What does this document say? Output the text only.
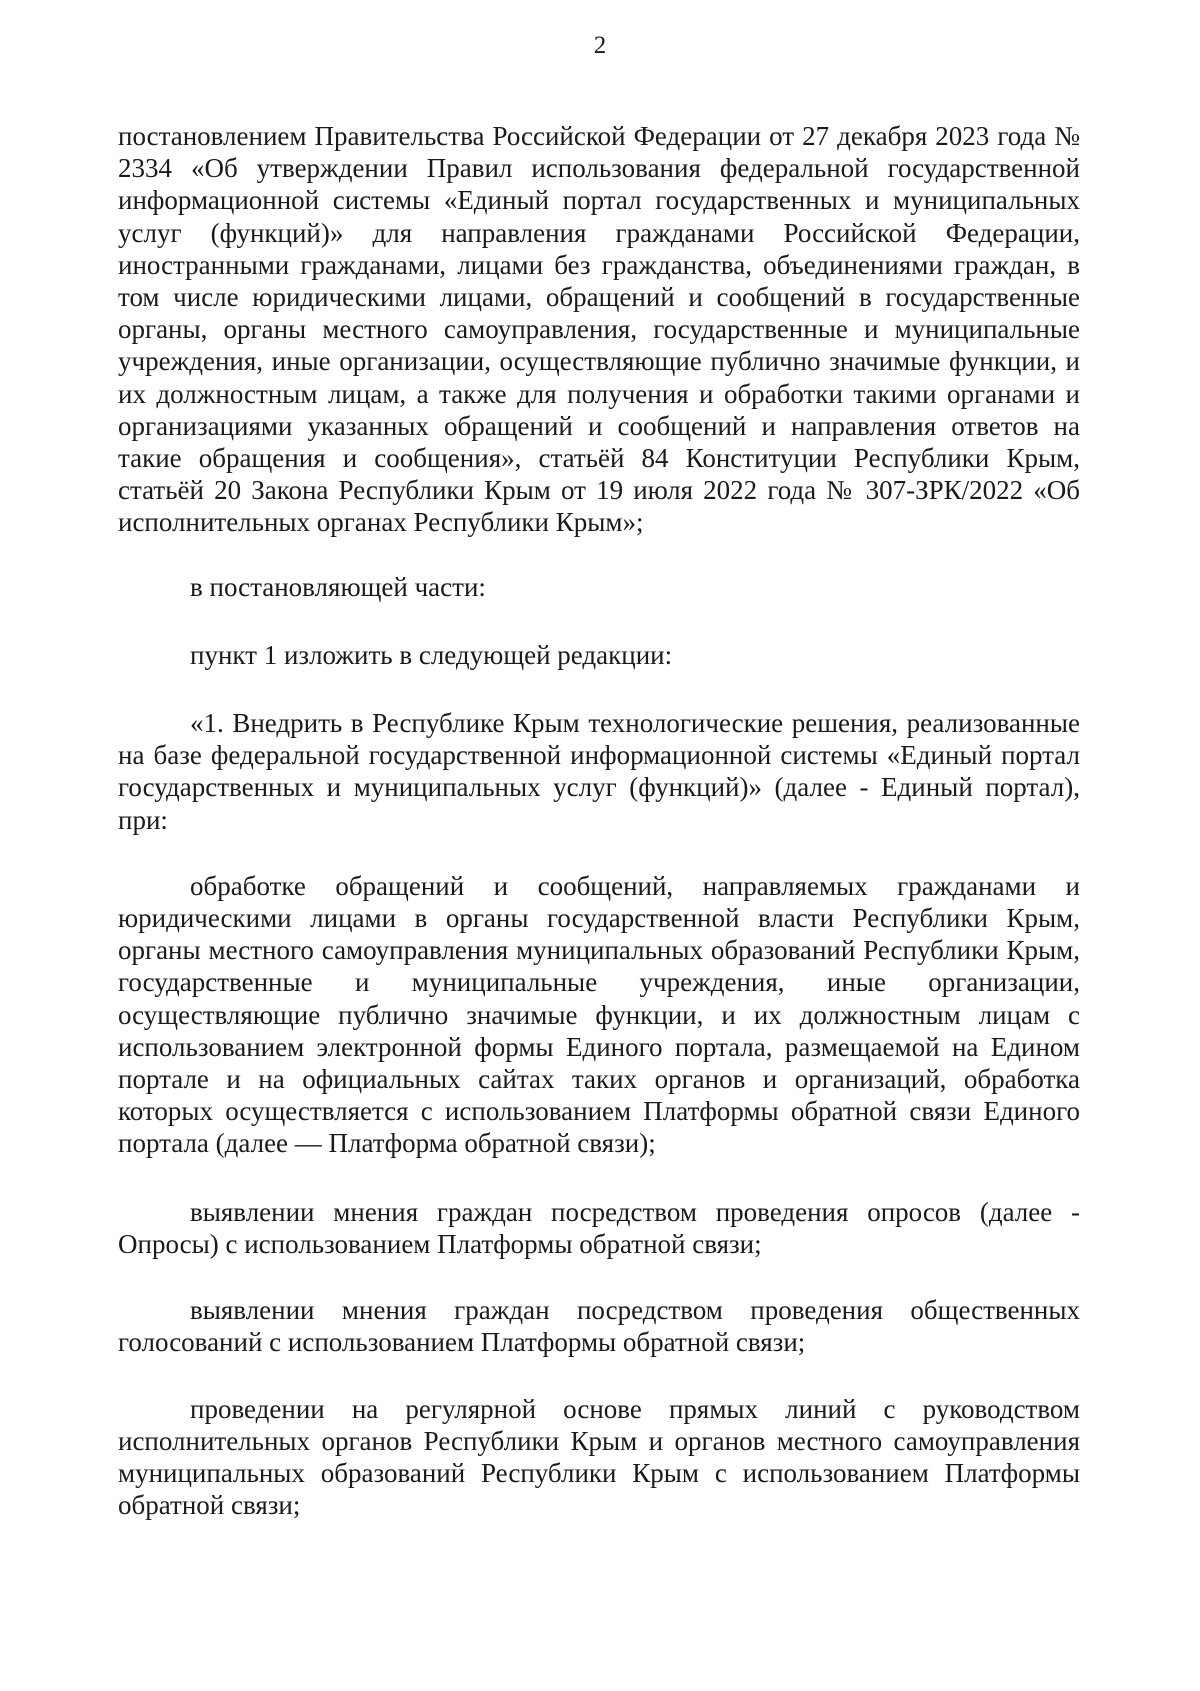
2

постановлением Правительства Российской Федерации от 27 декабря 2023 года № 2334 «Об утверждении Правил использования федеральной государственной информационной системы «Единый портал государственных и муниципальных услуг (функций)» для направления гражданами Российской Федерации, иностранными гражданами, лицами без гражданства, объединениями граждан, в том числе юридическими лицами, обращений и сообщений в государственные органы, органы местного самоуправления, государственные и муниципальные учреждения, иные организации, осуществляющие публично значимые функции, и их должностным лицам, а также для получения и обработки такими органами и организациями указанных обращений и сообщений и направления ответов на такие обращения и сообщения», статьёй 84 Конституции Республики Крым, статьёй 20 Закона Республики Крым от 19 июля 2022 года № 307-ЗРК/2022 «Об исполнительных органах Республики Крым»;

в постановляющей части:

пункт 1 изложить в следующей редакции:

«1. Внедрить в Республике Крым технологические решения, реализованные на базе федеральной государственной информационной системы «Единый портал государственных и муниципальных услуг (функций)» (далее - Единый портал), при:

обработке обращений и сообщений, направляемых гражданами и юридическими лицами в органы государственной власти Республики Крым, органы местного самоуправления муниципальных образований Республики Крым, государственные и муниципальные учреждения, иные организации, осуществляющие публично значимые функции, и их должностным лицам с использованием электронной формы Единого портала, размещаемой на Едином портале и на официальных сайтах таких органов и организаций, обработка которых осуществляется с использованием Платформы обратной связи Единого портала (далее — Платформа обратной связи);

выявлении мнения граждан посредством проведения опросов (далее - Опросы) с использованием Платформы обратной связи;

выявлении мнения граждан посредством проведения общественных голосований с использованием Платформы обратной связи;

проведении на регулярной основе прямых линий с руководством исполнительных органов Республики Крым и органов местного самоуправления муниципальных образований Республики Крым с использованием Платформы обратной связи;
